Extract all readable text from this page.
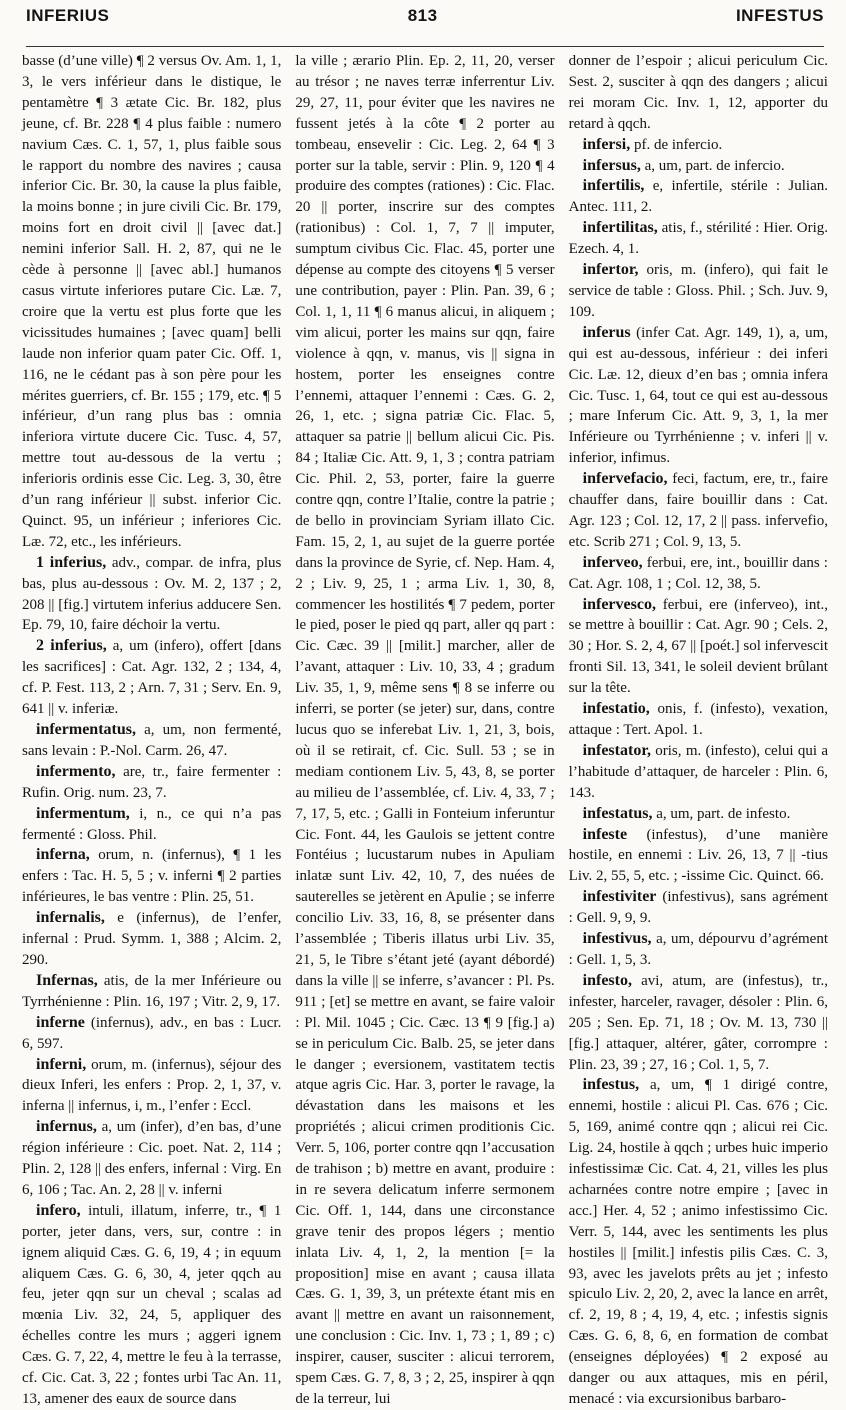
INFERIUS	813	INFESTUS

basse (d’une ville) ¶ 2 versus Ov. Am. 1, 1, 3, le vers inférieur dans le distique, le pentamètre ¶ 3 ætate Cic. Br. 182, plus jeune, cf. Br. 228 ¶ 4 plus faible : numero navium Cæs. C. 1, 57, 1, plus faible sous le rapport du nombre des navires ; causa inferior Cic. Br. 30, la cause la plus faible, la moins bonne ; in jure civili Cic. Br. 179, moins fort en droit civil || [avec dat.] nemini inferior Sall. H. 2, 87, qui ne le cède à personne || [avec abl.] humanos casus virtute inferiores putare Cic. Læ. 7, croire que la vertu est plus forte que les vicissitudes humaines ; [avec quam] belli laude non inferior quam pater Cic. Off. 1, 116, ne le cédant pas à son père pour les mérites guerriers, cf. Br. 155 ; 179, etc. ¶ 5 inférieur, d’un rang plus bas : omnia inferiora virtute ducere Cic. Tusc. 4, 57, mettre tout au-dessous de la vertu ; inferioris ordinis esse Cic. Leg. 3, 30, être d’un rang inférieur || subst. inferior Cic. Quinct. 95, un inférieur ; inferiores Cic. Læ. 72, etc., les inférieurs.

1 inferius, adv., compar. de infra, plus bas, plus au-dessous : Ov. M. 2, 137 ; 2, 208 || [fig.] virtutem inferius adducere Sen. Ep. 79, 10, faire déchoir la vertu.

2 inferius, a, um (infero), offert [dans les sacrifices] : Cat. Agr. 132, 2 ; 134, 4, cf. P. Fest. 113, 2 ; Arn. 7, 31 ; Serv. En. 9, 641 || v. inferiæ.

infermentatus, a, um, non fermenté, sans levain : P.-Nol. Carm. 26, 47.

infermento, are, tr., faire fermenter : Rufin. Orig. num. 23, 7.

infermentum, i, n., ce qui n’a pas fermenté : Gloss. Phil.

inferna, orum, n. (infernus), ¶ 1 les enfers : Tac. H. 5, 5 ; v. inferni ¶ 2 parties inférieures, le bas ventre : Plin. 25, 51.

infernalis, e (infernus), de l’enfer, infernal : Prud. Symm. 1, 388 ; Alcim. 2, 290.

Infernas, atis, de la mer Inférieure ou Tyrrhénienne : Plin. 16, 197 ; Vitr. 2, 9, 17.

inferne (infernus), adv., en bas : Lucr. 6, 597.

inferni, orum, m. (infernus), séjour des dieux Inferi, les enfers : Prop. 2, 1, 37, v. inferna || infernus, i, m., l’enfer : Eccl.

infernus, a, um (infer), d’en bas, d’une région inférieure : Cic. poet. Nat. 2, 114 ; Plin. 2, 128 || des enfers, infernal : Virg. En 6, 106 ; Tac. An. 2, 28 || v. inferni

infero, intuli, illatum, inferre, tr., ¶ 1 porter, jeter dans, vers, sur, contre : in ignem aliquid Cæs. G. 6, 19, 4 ; in equum aliquem Cæs. G. 6, 30, 4, jeter qqch au feu, jeter qqn sur un cheval ; scalas ad mœnia Liv. 32, 24, 5, appliquer des échelles contre les murs ; aggeri ignem Cæs. G. 7, 22, 4, mettre le feu à la terrasse, cf. Cic. Cat. 3, 22 ; fontes urbi Tac An. 11, 13, amener des eaux de source dans

la ville ; ærario Plin. Ep. 2, 11, 20, verser au trésor ; ne naves terræ inferrentur Liv. 29, 27, 11, pour éviter que les navires ne fussent jetés à la côte ¶ 2 porter au tombeau, ensevelir : Cic. Leg. 2, 64 ¶ 3 porter sur la table, servir : Plin. 9, 120 ¶ 4 produire des comptes (rationes) : Cic. Flac. 20 || porter, inscrire sur des comptes (rationibus) : Col. 1, 7, 7 || imputer, sumptum civibus Cic. Flac. 45, porter une dépense au compte des citoyens ¶ 5 verser une contribution, payer : Plin. Pan. 39, 6 ; Col. 1, 1, 11 ¶ 6 manus alicui, in aliquem ; vim alicui, porter les mains sur qqn, faire violence à qqn, v. manus, vis || signa in hostem, porter les enseignes contre l’ennemi, attaquer l’ennemi : Cæs. G. 2, 26, 1, etc. ; signa patriæ Cic. Flac. 5, attaquer sa patrie || bellum alicui Cic. Pis. 84 ; Italiæ Cic. Att. 9, 1, 3 ; contra patriam Cic. Phil. 2, 53, porter, faire la guerre contre qqn, contre l’Italie, contre la patrie ; de bello in provinciam Syriam illato Cic. Fam. 15, 2, 1, au sujet de la guerre portée dans la province de Syrie, cf. Nep. Ham. 4, 2 ; Liv. 9, 25, 1 ; arma Liv. 1, 30, 8, commencer les hostilités ¶ 7 pedem, porter le pied, poser le pied qq part, aller qq part : Cic. Cæc. 39 || [milit.] marcher, aller de l’avant, attaquer : Liv. 10, 33, 4 ; gradum Liv. 35, 1, 9, même sens ¶ 8 se inferre ou inferri, se porter (se jeter) sur, dans, contre lucus quo se inferebat Liv. 1, 21, 3, bois, où il se retirait, cf. Cic. Sull. 53 ; se in mediam contionem Liv. 5, 43, 8, se porter au milieu de l’assemblée, cf. Liv. 4, 33, 7 ; 7, 17, 5, etc. ; Galli in Fonteium inferuntur Cic. Font. 44, les Gaulois se jettent contre Fontéius ; lucustarum nubes in Apuliam inlatæ sunt Liv. 42, 10, 7, des nuées de sauterelles se jetèrent en Apulie ; se inferre concilio Liv. 33, 16, 8, se présenter dans l’assemblée ; Tiberis illatus urbi Liv. 35, 21, 5, le Tibre s’étant jeté (ayant débordé) dans la ville || se inferre, s’avancer : Pl. Ps. 911 ; [et] se mettre en avant, se faire valoir : Pl. Mil. 1045 ; Cic. Cæc. 13 ¶ 9 [fig.] a) se in periculum Cic. Balb. 25, se jeter dans le danger ; eversionem, vastitatem tectis atque agris Cic. Har. 3, porter le ravage, la dévastation dans les maisons et les propriétés ; alicui crimen proditionis Cic. Verr. 5, 106, porter contre qqn l’accusation de trahison ; b) mettre en avant, produire : in re severa delicatum inferre sermonem Cic. Off. 1, 144, dans une circonstance grave tenir des propos légers ; mentio inlata Liv. 4, 1, 2, la mention [= la proposition] mise en avant ; causa illata Cæs. G. 1, 39, 3, un prétexte étant mis en avant || mettre en avant un raisonnement, une conclusion : Cic. Inv. 1, 73 ; 1, 89 ; c) inspirer, causer, susciter : alicui terrorem, spem Cæs. G. 7, 8, 3 ; 2, 25, inspirer à qqn de la terreur, lui

donner de l’espoir ; alicui periculum Cic. Sest. 2, susciter à qqn des dangers ; alicui rei moram Cic. Inv. 1, 12, apporter du retard à qqch.

infersi, pf. de infercio.

infersus, a, um, part. de infercio.

infertilis, e, infertile, stérile : Julian. Antec. 111, 2.

infertilitas, atis, f., stérilité : Hier. Orig. Ezech. 4, 1.

infertor, oris, m. (infero), qui fait le service de table : Gloss. Phil. ; Sch. Juv. 9, 109.

inferus (infer Cat. Agr. 149, 1), a, um, qui est au-dessous, inférieur : dei inferi Cic. Læ. 12, dieux d’en bas ; omnia infera Cic. Tusc. 1, 64, tout ce qui est au-dessous ; mare Inferum Cic. Att. 9, 3, 1, la mer Inférieure ou Tyrrhénienne ; v. inferi || v. inferior, infimus.

infervefacio, feci, factum, ere, tr., faire chauffer dans, faire bouillir dans : Cat. Agr. 123 ; Col. 12, 17, 2 || pass. infervefio, etc. Scrib 271 ; Col. 9, 13, 5.

inferveo, ferbui, ere, int., bouillir dans : Cat. Agr. 108, 1 ; Col. 12, 38, 5.

infervesco, ferbui, ere (inferveo), int., se mettre à bouillir : Cat. Agr. 90 ; Cels. 2, 30 ; Hor. S. 2, 4, 67 || [poét.] sol infervescit fronti Sil. 13, 341, le soleil devient brûlant sur la tête.

infestatio, onis, f. (infesto), vexation, attaque : Tert. Apol. 1.

infestator, oris, m. (infesto), celui qui a l’habitude d’attaquer, de harceler : Plin. 6, 143.

infestatus, a, um, part. de infesto.

infeste (infestus), d’une manière hostile, en ennemi : Liv. 26, 13, 7 || -tius Liv. 2, 55, 5, etc. ; -issime Cic. Quinct. 66.

infestiviter (infestivus), sans agrément : Gell. 9, 9, 9.

infestivus, a, um, dépourvu d’agrément : Gell. 1, 5, 3.

infesto, avi, atum, are (infestus), tr., infester, harceler, ravager, désoler : Plin. 6, 205 ; Sen. Ep. 71, 18 ; Ov. M. 13, 730 || [fig.] attaquer, altérer, gâter, corrompre : Plin. 23, 39 ; 27, 16 ; Col. 1, 5, 7.

infestus, a, um, ¶ 1 dirigé contre, ennemi, hostile : alicui Pl. Cas. 676 ; Cic. 5, 169, animé contre qqn ; alicui rei Cic. Lig. 24, hostile à qqch ; urbes huic imperio infestissimæ Cic. Cat. 4, 21, villes les plus acharnées contre notre empire ; [avec in acc.] Her. 4, 52 ; animo infestissimo Cic. Verr. 5, 144, avec les sentiments les plus hostiles || [milit.] infestis pilis Cæs. C. 3, 93, avec les javelots prêts au jet ; infesto spiculo Liv. 2, 20, 2, avec la lance en arrêt, cf. 2, 19, 8 ; 4, 19, 4, etc. ; infestis signis Cæs. G. 6, 8, 6, en formation de combat (enseignes déployées) ¶ 2 exposé au danger ou aux attaques, mis en péril, menacé : via excursionibus barbaro-
